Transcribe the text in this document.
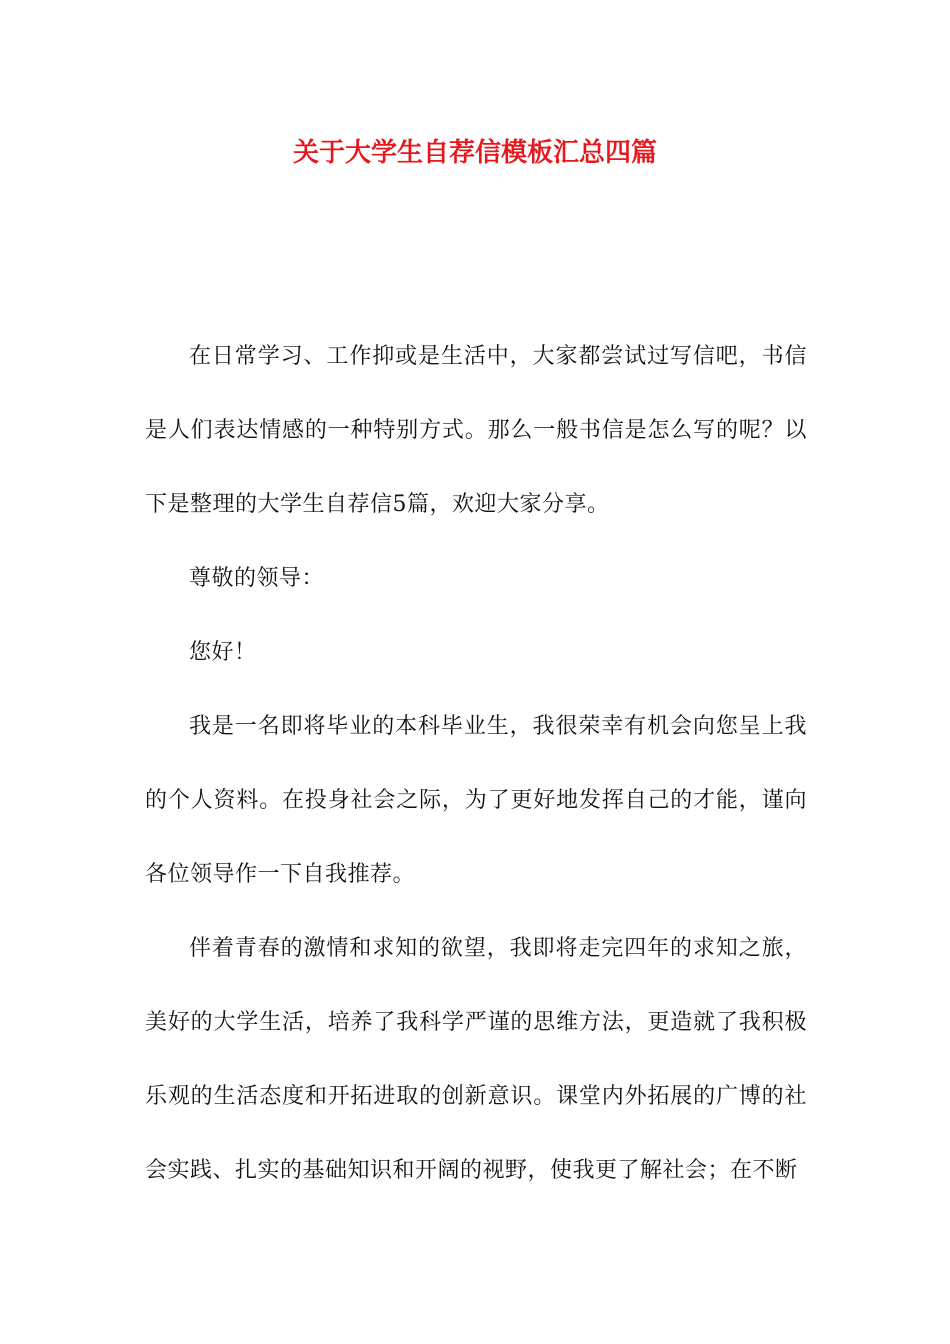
关于大学生自荐信模板汇总四篇

在日常学习、工作抑或是生活中，大家都尝试过写信吧，书信是人们表达情感的一种特别方式。那么一般书信是怎么写的呢？以下是整理的大学生自荐信5篇，欢迎大家分享。

尊敬的领导：

您好！

我是一名即将毕业的本科毕业生，我很荣幸有机会向您呈上我的个人资料。在投身社会之际，为了更好地发挥自己的才能，谨向各位领导作一下自我推荐。

伴着青春的激情和求知的欲望，我即将走完四年的求知之旅，美好的大学生活，培养了我科学严谨的思维方法，更造就了我积极乐观的生活态度和开拓进取的创新意识。课堂内外拓展的广博的社会实践、扎实的基础知识和开阔的视野，使我更了解社会；在不断
